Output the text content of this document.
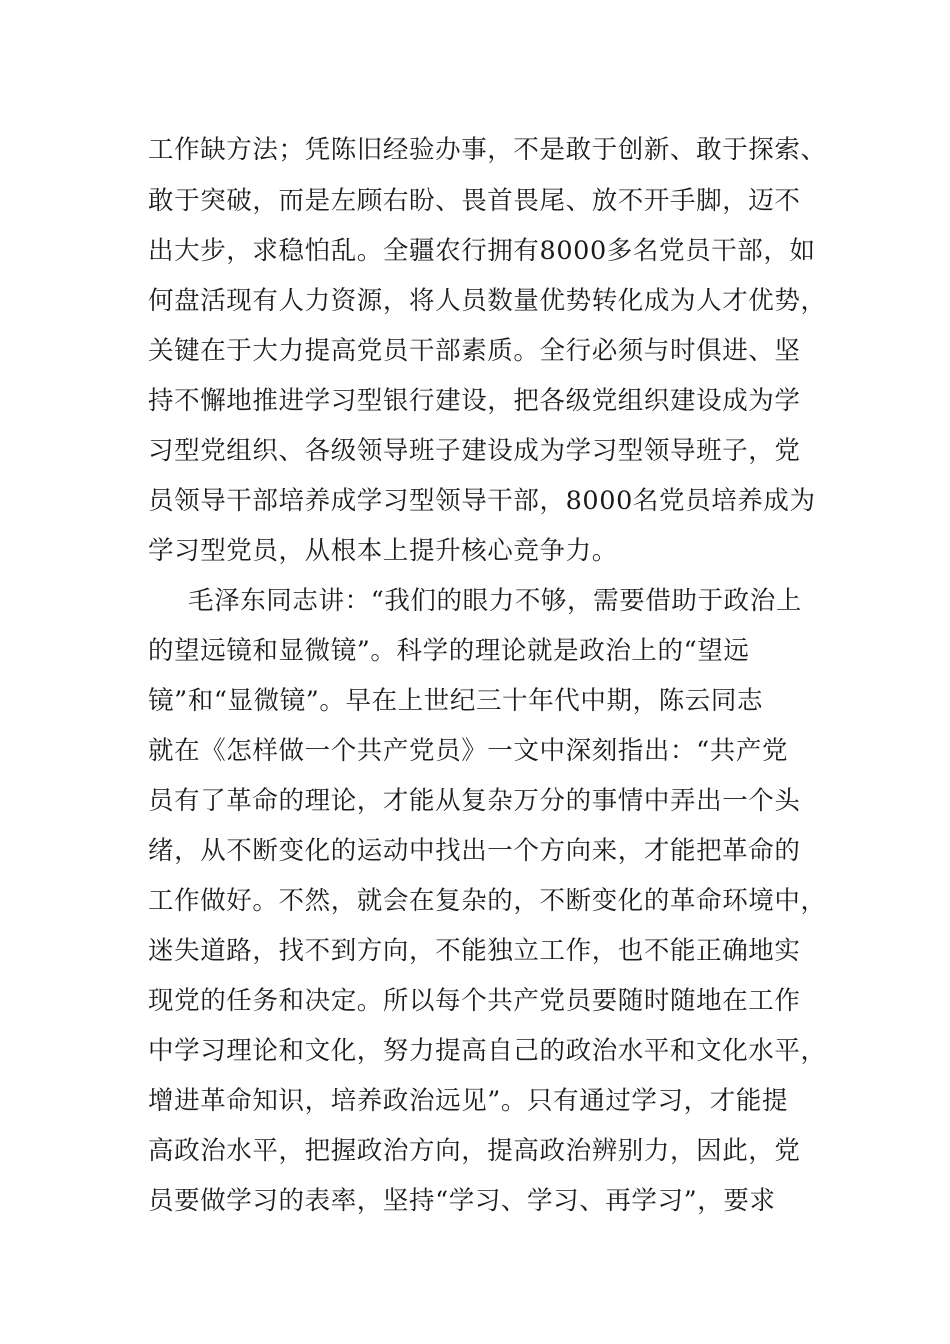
工作缺方法；凭陈旧经验办事，不是敢于创新、敢于探索、
敢于突破，而是左顾右盼、畏首畏尾、放不开手脚，迈不
出大步，求稳怕乱。全疆农行拥有8000多名党员干部，如
何盘活现有人力资源，将人员数量优势转化成为人才优势，
关键在于大力提高党员干部素质。全行必须与时俱进、坚
持不懈地推进学习型银行建设，把各级党组织建设成为学
习型党组织、各级领导班子建设成为学习型领导班子，党
员领导干部培养成学习型领导干部，8000名党员培养成为
学习型党员，从根本上提升核心竞争力。
毛泽东同志讲：“我们的眼力不够，需要借助于政治上
的望远镜和显微镜”。科学的理论就是政治上的“望远
镜”和“显微镜”。早在上世纪三十年代中期，陈云同志
就在《怎样做一个共产党员》一文中深刻指出：“共产党
员有了革命的理论，才能从复杂万分的事情中弄出一个头
绪，从不断变化的运动中找出一个方向来，才能把革命的
工作做好。不然，就会在复杂的，不断变化的革命环境中，
迷失道路，找不到方向，不能独立工作，也不能正确地实
现党的任务和决定。所以每个共产党员要随时随地在工作
中学习理论和文化，努力提高自己的政治水平和文化水平，
增进革命知识，培养政治远见”。只有通过学习，才能提
高政治水平，把握政治方向，提高政治辨别力，因此，党
员要做学习的表率，坚持“学习、学习、再学习”，要求
